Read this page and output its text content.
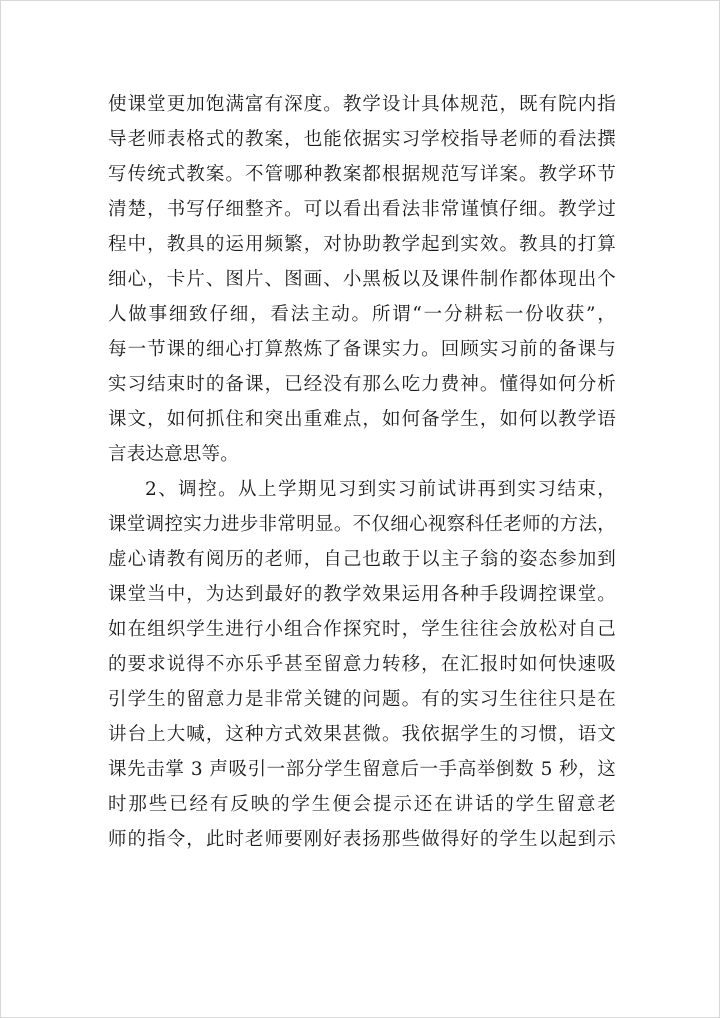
使课堂更加饱满富有深度。教学设计具体规范，既有院内指
导老师表格式的教案，也能依据实习学校指导老师的看法撰
写传统式教案。不管哪种教案都根据规范写详案。教学环节
清楚，书写仔细整齐。可以看出看法非常谨慎仔细。教学过
程中，教具的运用频繁，对协助教学起到实效。教具的打算
细心，卡片、图片、图画、小黑板以及课件制作都体现出个
人做事细致仔细，看法主动。所谓“一分耕耘一份收获”，
每一节课的细心打算熬炼了备课实力。回顾实习前的备课与
实习结束时的备课，已经没有那么吃力费神。懂得如何分析
课文，如何抓住和突出重难点，如何备学生，如何以教学语
言表达意思等。
2、调控。从上学期见习到实习前试讲再到实习结束，
课堂调控实力进步非常明显。不仅细心视察科任老师的方法，
虚心请教有阅历的老师，自己也敢于以主子翁的姿态参加到
课堂当中，为达到最好的教学效果运用各种手段调控课堂。
如在组织学生进行小组合作探究时，学生往往会放松对自己
的要求说得不亦乐乎甚至留意力转移，在汇报时如何快速吸
引学生的留意力是非常关键的问题。有的实习生往往只是在
讲台上大喊，这种方式效果甚微。我依据学生的习惯，语文
课先击掌 3 声吸引一部分学生留意后一手高举倒数 5 秒，这
时那些已经有反映的学生便会提示还在讲话的学生留意老
师的指令，此时老师要刚好表扬那些做得好的学生以起到示
